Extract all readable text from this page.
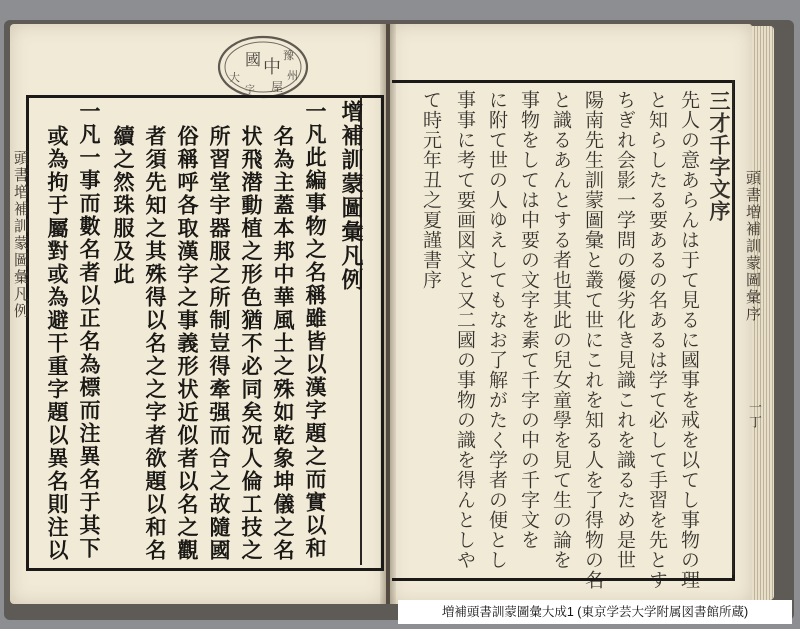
國 中
屋
豫
州
大
字
頭書増補訓蒙圖彙凡例	增補訓蒙圖彙凡例
一凡此編事物之名稱雖皆以漢字題之而實以和
名為主蓋本邦中華風土之殊如乾象坤儀之名
状飛潜動植之形色猶不必同矣况人倫工技之
所習堂宇器服之所制豈得牽强而合之故隨國
俗稱呼各取漢字之事義形状近似者以名之觀
者須先知之其殊得以名之之字者欲題以和名
續之然珠服及此
一凡一事而數名者以正名為標而注異名于其下
或為拘于屬對或為避干重字題以異名則注以	頭書増補訓蒙圖彙序
一丁
三才千字文序
先人の意あらんは于て見るに國事を戒を以てし事物の理
と知らしたる要あるの名あるは学て必して手習を先とす
ちぎれ会影一学問の優劣化き見識これを識るため是世
陽南先生訓蒙圖彙と叢て世にこれを知る人を了得物の名
と識るあんとする者也其此の兒女童學を見て生の論を
事物をしては中要の文字を素て千字の中の千字文を
に附て世の人ゆえしてもなお了解がたく学者の便とし
事事に考て要画図文と又二國の事物の識を得んとしや
て時元年丑之夏謹書序
増補頭書訓蒙圖彙大成1 (東京学芸大学附属図書館所蔵)
